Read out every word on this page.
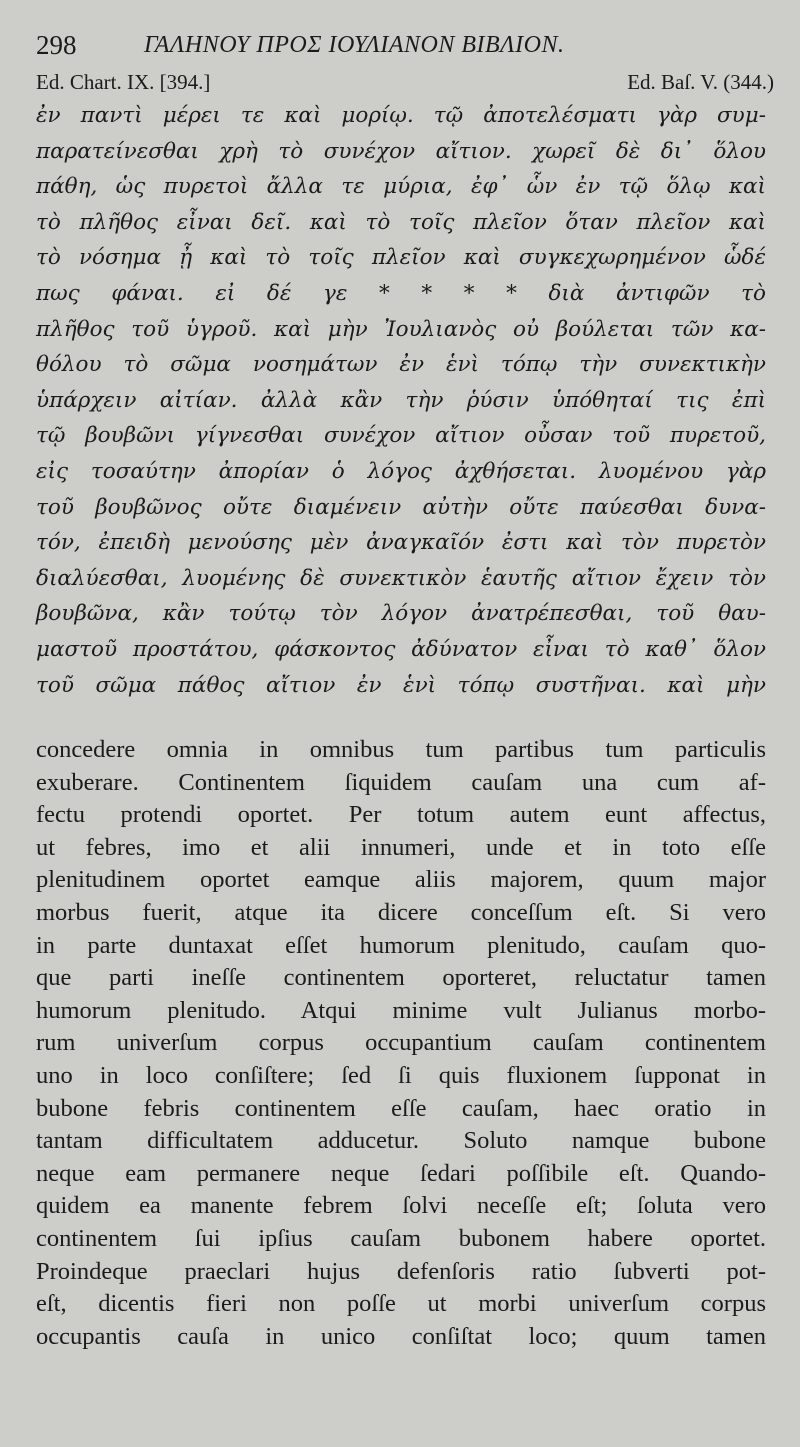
298	ΓΑΛΗΝΟΥ ΠΡΟΣ ΙΟΥΛΙΑΝΟΝ ΒΙΒΛΙΟΝ.
Ed. Chart. IX. [394.]	Ed. Baſ. V. (344.)
ἐν παντὶ μέρει τε καὶ μορίῳ. τῷ ἀποτελέσματι γὰρ συμ-
παρατείνεσθαι χρὴ τὸ συνέχον αἴτιον. χωρεῖ δὲ δι᾽ ὅλου
πάθη, ὡς πυρετοὶ ἄλλα τε μύρια, ἐφ᾽ ὧν ἐν τῷ ὅλῳ καὶ
τὸ πλῆθος εἶναι δεῖ. καὶ τὸ τοῖς πλεῖον ὅταν πλεῖον καὶ
τὸ νόσημα ᾖ καὶ τὸ τοῖς πλεῖον καὶ συγκεχωρημένον ὧδέ
πως φάναι. εἰ δέ γε * * * * διὰ ἀντιφῶν τὸ
πλῆθος τοῦ ὑγροῦ. καὶ μὴν Ἰουλιανὸς οὐ βούλεται τῶν κα-
θόλου τὸ σῶμα νοσημάτων ἐν ἑνὶ τόπῳ τὴν συνεκτικὴν
ὑπάρχειν αἰτίαν. ἀλλὰ κἂν τὴν ῥύσιν ὑπόθηταί τις ἐπὶ
τῷ βουβῶνι γίγνεσθαι συνέχον αἴτιον οὖσαν τοῦ πυρετοῦ,
εἰς τοσαύτην ἀπορίαν ὁ λόγος ἀχθήσεται. λυομένου γὰρ
τοῦ βουβῶνος οὔτε διαμένειν αὐτὴν οὔτε παύεσθαι δυνα-
τόν, ἐπειδὴ μενούσης μὲν ἀναγκαῖόν ἐστι καὶ τὸν πυρετὸν
διαλύεσθαι, λυομένης δὲ συνεκτικὸν ἑαυτῆς αἴτιον ἔχειν τὸν
βουβῶνα, κἂν τούτῳ τὸν λόγον ἀνατρέπεσθαι, τοῦ θαυ-
μαστοῦ προστάτου, φάσκοντος ἀδύνατον εἶναι τὸ καθ᾽ ὅλον
τοῦ σῶμα πάθος αἴτιον ἐν ἑνὶ τόπῳ συστῆναι. καὶ μὴν
concedere omnia in omnibus tum partibus tum particulis
exuberare. Continentem ſiquidem cauſam una cum af-
fectu protendi oportet. Per totum autem eunt affectus,
ut febres, imo et alii innumeri, unde et in toto eſſe
plenitudinem oportet eamque aliis majorem, quum major
morbus fuerit, atque ita dicere conceſſum eſt. Si vero
in parte duntaxat eſſet humorum plenitudo, cauſam quo-
que parti ineſſe continentem oporteret, reluctatur tamen
humorum plenitudo. Atqui minime vult Julianus morbo-
rum univerſum corpus occupantium cauſam continentem
uno in loco conſiſtere; ſed ſi quis fluxionem ſupponat in
bubone febris continentem eſſe cauſam, haec oratio in
tantam difficultatem adducetur. Soluto namque bubone
neque eam permanere neque ſedari poſſibile eſt. Quando-
quidem ea manente febrem ſolvi neceſſe eſt; ſoluta vero
continentem ſui ipſius cauſam bubonem habere oportet.
Proindeque praeclari hujus defenſoris ratio ſubverti pot-
eſt, dicentis fieri non poſſe ut morbi univerſum corpus
occupantis cauſa in unico conſiſtat loco; quum tamen
